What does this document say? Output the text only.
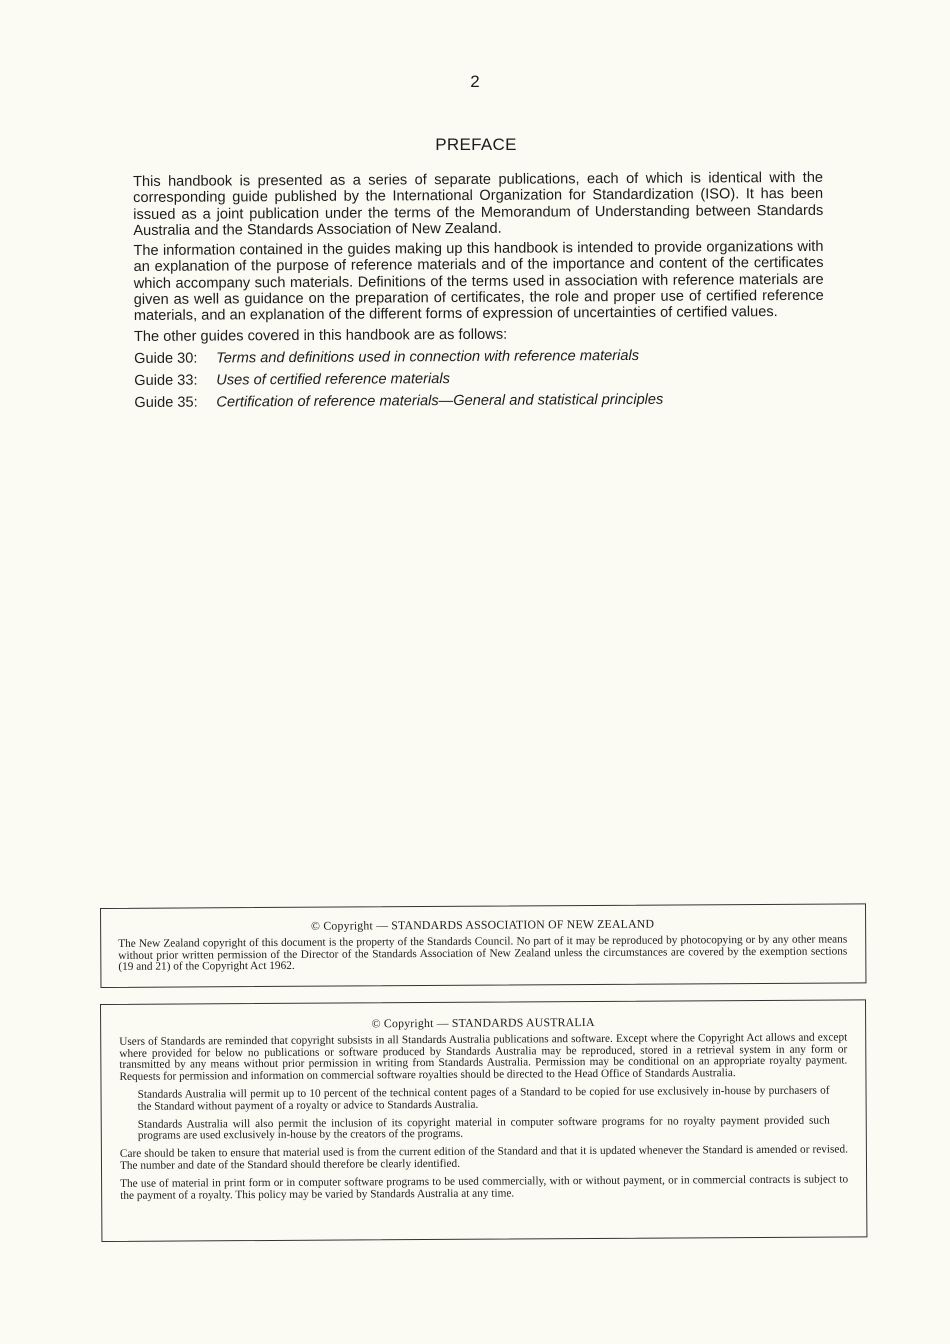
2
PREFACE

This handbook is presented as a series of separate publications, each of which is identical with the corresponding guide published by the International Organization for Standardization (ISO). It has been issued as a joint publication under the terms of the Memorandum of Understanding between Standards Australia and the Standards Association of New Zealand.

The information contained in the guides making up this handbook is intended to provide organizations with an explanation of the purpose of reference materials and of the importance and content of the certificates which accompany such materials. Definitions of the terms used in association with reference materials are given as well as guidance on the preparation of certificates, the role and proper use of certified reference materials, and an explanation of the different forms of expression of uncertainties of certified values.

The other guides covered in this handbook are as follows:

Guide 30: Terms and definitions used in connection with reference materials
Guide 33: Uses of certified reference materials
Guide 35: Certification of reference materials—General and statistical principles
© Copyright — STANDARDS ASSOCIATION OF NEW ZEALAND

The New Zealand copyright of this document is the property of the Standards Council. No part of it may be reproduced by photocopying or by any other means without prior written permission of the Director of the Standards Association of New Zealand unless the circumstances are covered by the exemption sections (19 and 21) of the Copyright Act 1962.

© Copyright — STANDARDS AUSTRALIA

Users of Standards are reminded that copyright subsists in all Standards Australia publications and software. Except where the Copyright Act allows and except where provided for below no publications or software produced by Standards Australia may be reproduced, stored in a retrieval system in any form or transmitted by any means without prior permission in writing from Standards Australia. Permission may be conditional on an appropriate royalty payment. Requests for permission and information on commercial software royalties should be directed to the Head Office of Standards Australia.

Standards Australia will permit up to 10 percent of the technical content pages of a Standard to be copied for use exclusively in-house by purchasers of the Standard without payment of a royalty or advice to Standards Australia.

Standards Australia will also permit the inclusion of its copyright material in computer software programs for no royalty payment provided such programs are used exclusively in-house by the creators of the programs.

Care should be taken to ensure that material used is from the current edition of the Standard and that it is updated whenever the Standard is amended or revised. The number and date of the Standard should therefore be clearly identified.

The use of material in print form or in computer software programs to be used commercially, with or without payment, or in commercial contracts is subject to the payment of a royalty. This policy may be varied by Standards Australia at any time.
